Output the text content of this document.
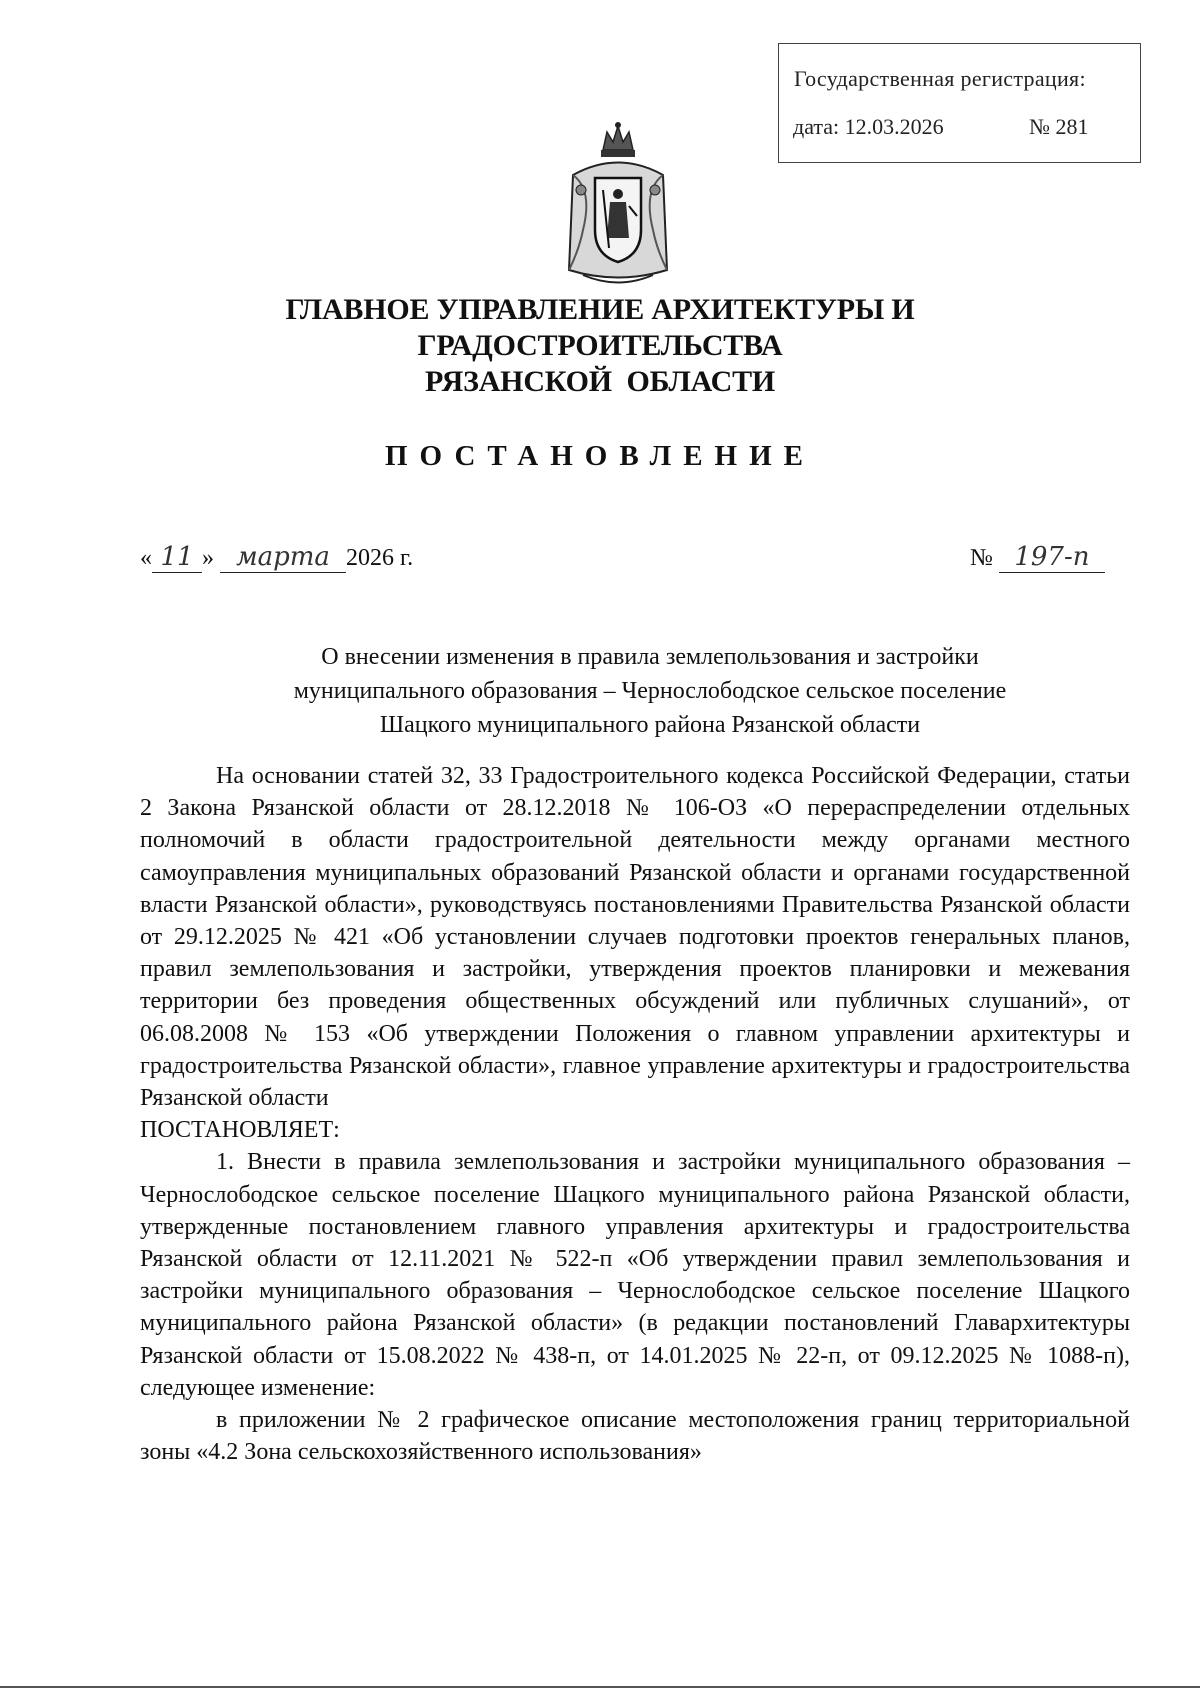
Государственная регистрация:
дата: 12.03.2026	№ 281
ГЛАВНОЕ УПРАВЛЕНИЕ АРХИТЕКТУРЫ И ГРАДОСТРОИТЕЛЬСТВА
РЯЗАНСКОЙ  ОБЛАСТИ
ПОСТАНОВЛЕНИЕ
« 11 » марта 2026 г.	№ 197-п
О внесении изменения в правила землепользования и застройки
муниципального образования – Чернослободское сельское поселение
Шацкого муниципального района Рязанской области

На основании статей 32, 33 Градостроительного кодекса Российской Федерации, статьи 2 Закона Рязанской области от 28.12.2018 № 106-ОЗ «О перераспределении отдельных полномочий в области градостроительной деятельности между органами местного самоуправления муниципальных образований Рязанской области и органами государственной власти Рязанской области», руководствуясь постановлениями Правительства Рязанской области от 29.12.2025 № 421 «Об установлении случаев подготовки проектов генеральных планов, правил землепользования и застройки, утверждения проектов планировки и межевания территории без проведения общественных обсуждений или публичных слушаний», от 06.08.2008 № 153 «Об утверждении Положения о главном управлении архитектуры и градостроительства Рязанской области», главное управление архитектуры и градостроительства Рязанской области

ПОСТАНОВЛЯЕТ:

1. Внести в правила землепользования и застройки муниципального образования – Чернослободское сельское поселение Шацкого муниципального района Рязанской области, утвержденные постановлением главного управления архитектуры и градостроительства Рязанской области от 12.11.2021 № 522-п «Об утверждении правил землепользования и застройки муниципального образования – Чернослободское сельское поселение Шацкого муниципального района Рязанской области» (в редакции постановлений Главархитектуры Рязанской области от 15.08.2022 № 438-п, от 14.01.2025 № 22-п, от 09.12.2025 № 1088-п), следующее изменение:

в приложении № 2 графическое описание местоположения границ территориальной зоны «4.2 Зона сельскохозяйственного использования»
